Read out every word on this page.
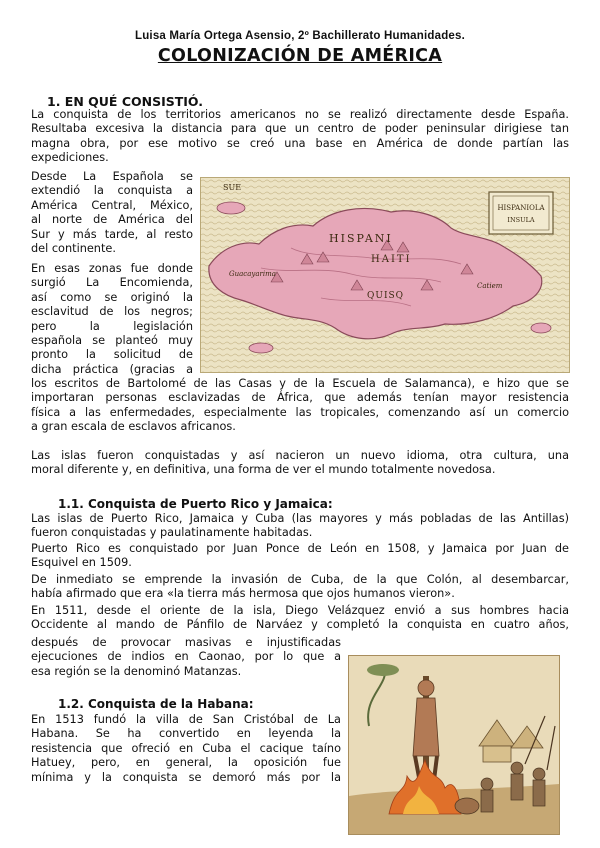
Luisa María Ortega Asensio, 2º Bachillerato Humanidades.
COLONIZACIÓN DE AMÉRICA
1. EN QUÉ CONSISTIÓ.
La conquista de los territorios americanos no se realizó directamente desde España.
Resultaba excesiva la distancia para que un centro de poder peninsular dirigiese tan
magna obra, por ese motivo se creó una base en América de donde partían las
expediciones.
Desde La Española se
extendió la conquista a
América Central, México,
al norte de América del
Sur y más tarde, al resto
del continente.
En esas zonas fue donde
surgió La Encomienda,
así como se originó la
esclavitud de los negros;
pero la legislación
española se planteó muy
pronto la solicitud de
dicha práctica (gracias a
los escritos de Bartolomé de las Casas y de la Escuela de Salamanca), e hizo que se
importaran personas esclavizadas de África, que además tenían mayor resistencia
física a las enfermedades, especialmente las tropicales, comenzando así un comercio
a gran escala de esclavos africanos.
Las islas fueron conquistadas y así nacieron un nuevo idioma, otra cultura, una
moral diferente y, en definitiva, una forma de ver el mundo totalmente novedosa.
HISPANIOLA
INSULA
SUE
HISPANI
HAITI
QUISQ
Guacayarima
Catiem
1.1. Conquista de Puerto Rico y Jamaica:
Las islas de Puerto Rico, Jamaica y Cuba (las mayores y más pobladas de las Antillas)
fueron conquistadas y paulatinamente habitadas.
Puerto Rico es conquistado por Juan Ponce de León en 1508, y Jamaica por Juan de
Esquivel en 1509.
De inmediato se emprende la invasión de Cuba, de la que Colón, al desembarcar,
había afirmado que era «la tierra más hermosa que ojos humanos vieron».
En 1511, desde el oriente de la isla, Diego Velázquez envió a sus hombres hacia
Occidente al mando de Pánfilo de Narváez y completó la conquista en cuatro años,
después de provocar masivas e injustificadas
ejecuciones de indios en Caonao, por lo que a
esa región se la denominó Matanzas.
1.2. Conquista de la Habana:
En 1513 fundó la villa de San Cristóbal de La
Habana. Se ha convertido en leyenda la
resistencia que ofreció en Cuba el cacique taíno
Hatuey, pero, en general, la oposición fue
mínima y la conquista se demoró más por la
